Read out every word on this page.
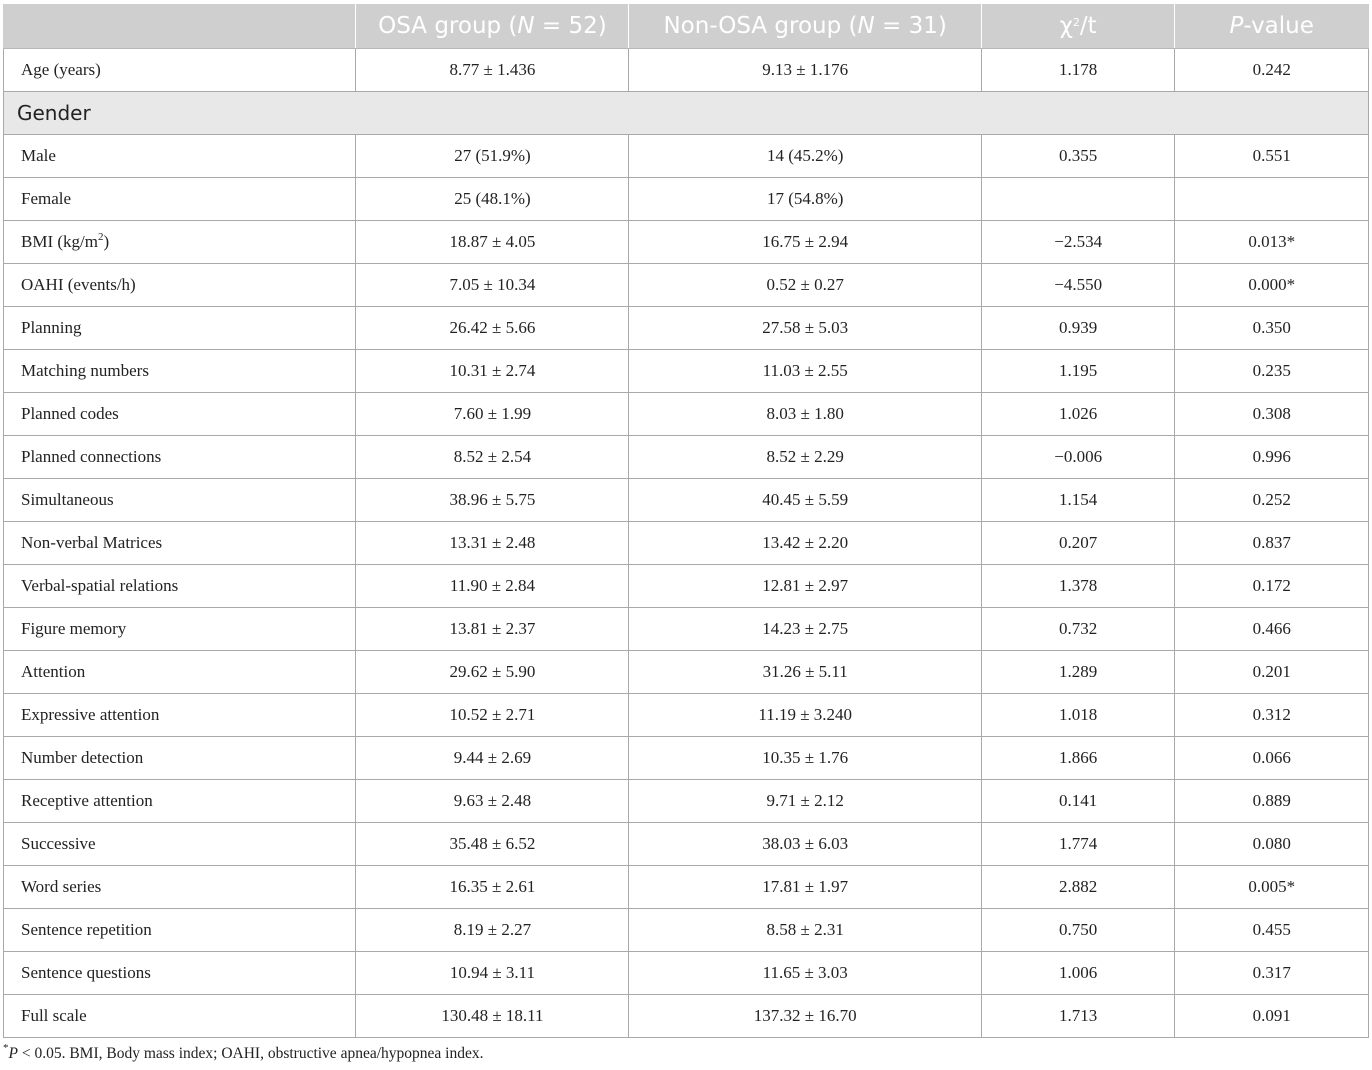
	OSA group (N = 52)	Non-OSA group (N = 31)	$\chi^2/t$	P-value
Age (years)	8.77 ± 1.436	9.13 ± 1.176	1.178	0.242
Gender				
Male	27 (51.9%)	14 (45.2%)	0.355	0.551
Female	25 (48.1%)	17 (54.8%)		
BMI $(kg/m^2)$	18.87 ± 4.05	16.75 ± 2.94	−2.534	0.013*
OAHI (events/h)	7.05 ± 10.34	0.52 ± 0.27	−4.550	0.000*
Planning	26.42 ± 5.66	27.58 ± 5.03	0.939	0.350
Matching numbers	10.31 ± 2.74	11.03 ± 2.55	1.195	0.235
Planned codes	7.60 ± 1.99	8.03 ± 1.80	1.026	0.308
Planned connections	8.52 ± 2.54	8.52 ± 2.29	−0.006	0.996
Simultaneous	38.96 ± 5.75	40.45 ± 5.59	1.154	0.252
Non-verbal Matrices	13.31 ± 2.48	13.42 ± 2.20	0.207	0.837
Verbal-spatial relations	11.90 ± 2.84	12.81 ± 2.97	1.378	0.172
Figure memory	13.81 ± 2.37	14.23 ± 2.75	0.732	0.466
Attention	29.62 ± 5.90	31.26 ± 5.11	1.289	0.201
Expressive attention	10.52 ± 2.71	11.19 ± 3.240	1.018	0.312
Number detection	9.44 ± 2.69	10.35 ± 1.76	1.866	0.066
Receptive attention	9.63 ± 2.48	9.71 ± 2.12	0.141	0.889
Successive	35.48 ± 6.52	38.03 ± 6.03	1.774	0.080
Word series	16.35 ± 2.61	17.81 ± 1.97	2.882	0.005*
Sentence repetition	8.19 ± 2.27	8.58 ± 2.31	0.750	0.455
Sentence questions	10.94 ± 3.11	11.65 ± 3.03	1.006	0.317
Full scale	130.48 ± 18.11	137.32 ± 16.70	1.713	0.091
*P < 0.05. BMI, Body mass index; OAHI, obstructive apnea/hypopnea index.
